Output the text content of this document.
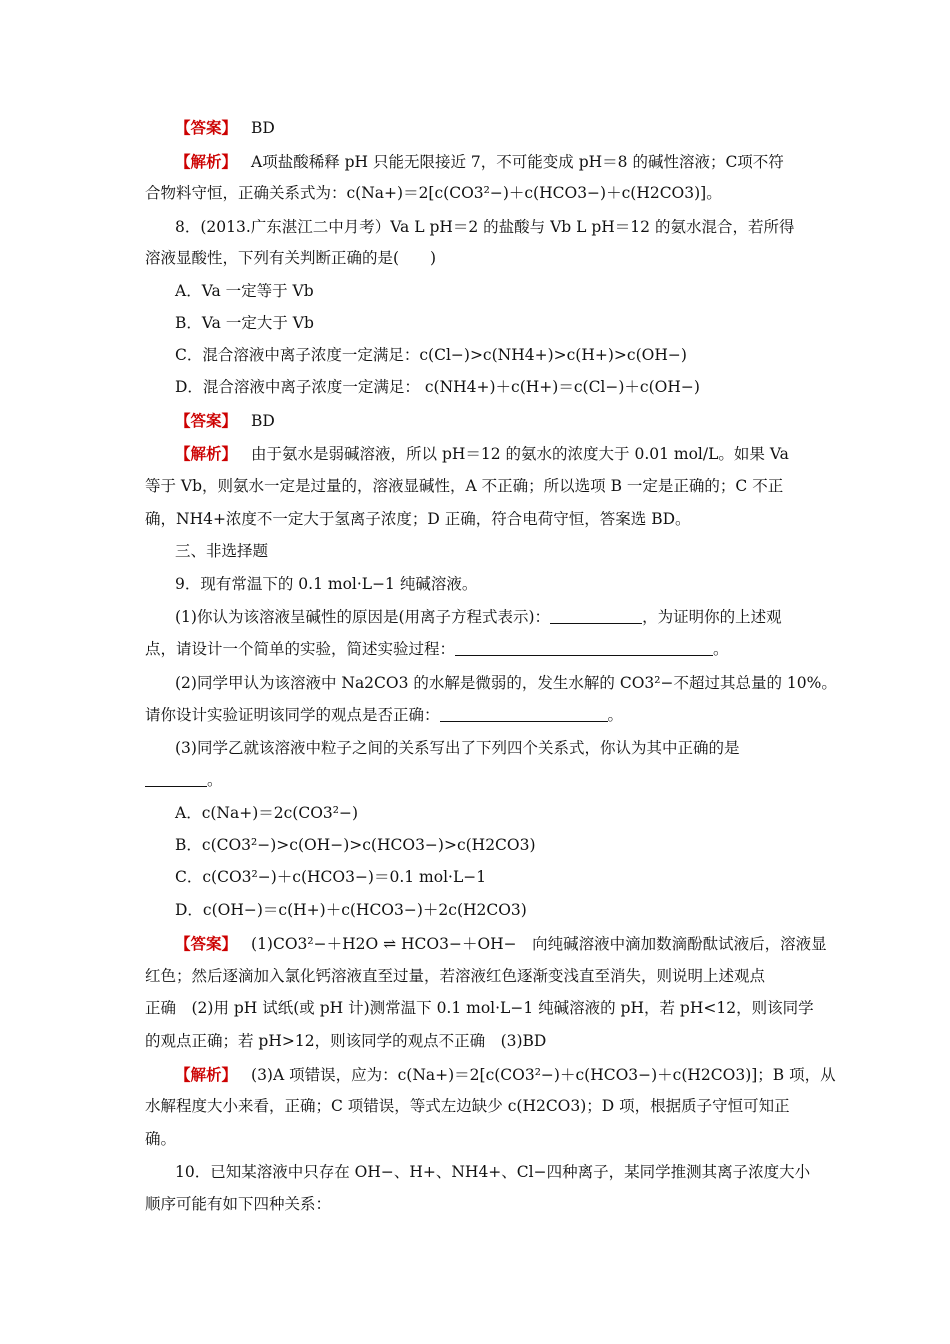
【答案】 BD
【解析】 A项盐酸稀释 pH 只能无限接近 7，不可能变成 pH＝8 的碱性溶液；C项不符
合物料守恒，正确关系式为：c(Na+)＝2[c(CO3²−)＋c(HCO3−)＋c(H2CO3)]。
8．(2013.广东湛江二中月考）Va L pH＝2 的盐酸与 Vb L pH＝12 的氨水混合，若所得
溶液显酸性，下列有关判断正确的是(　　)
A．Va 一定等于 Vb
B．Va 一定大于 Vb
C．混合溶液中离子浓度一定满足：c(Cl−)>c(NH4+)>c(H+)>c(OH−)
D．混合溶液中离子浓度一定满足： c(NH4+)＋c(H+)＝c(Cl−)＋c(OH−)
【答案】 BD
【解析】 由于氨水是弱碱溶液，所以 pH＝12 的氨水的浓度大于 0.01 mol/L。如果 Va
等于 Vb，则氨水一定是过量的，溶液显碱性，A 不正确；所以选项 B 一定是正确的；C 不正
确，NH4+浓度不一定大于氢离子浓度；D 正确，符合电荷守恒，答案选 BD。
三、非选择题
9．现有常温下的 0.1 mol·L−1 纯碱溶液。
(1)你认为该溶液呈碱性的原因是(用离子方程式表示)：	，为证明你的上述观
点，请设计一个简单的实验，简述实验过程：	。
(2)同学甲认为该溶液中 Na2CO3 的水解是微弱的，发生水解的 CO3²−不超过其总量的 10%。
请你设计实验证明该同学的观点是否正确：	。
(3)同学乙就该溶液中粒子之间的关系写出了下列四个关系式，你认为其中正确的是
。
A．c(Na+)＝2c(CO3²−)
B．c(CO3²−)>c(OH−)>c(HCO3−)>c(H2CO3)
C．c(CO3²−)＋c(HCO3−)＝0.1 mol·L−1
D．c(OH−)＝c(H+)＋c(HCO3−)＋2c(H2CO3)
【答案】 (1)CO3²−＋H2O ⇌ HCO3−＋OH−　向纯碱溶液中滴加数滴酚酞试液后，溶液显
红色；然后逐滴加入氯化钙溶液直至过量，若溶液红色逐渐变浅直至消失，则说明上述观点
正确　(2)用 pH 试纸(或 pH 计)测常温下 0.1 mol·L−1 纯碱溶液的 pH，若 pH<12，则该同学
的观点正确；若 pH>12，则该同学的观点不正确　(3)BD
【解析】 (3)A 项错误，应为：c(Na+)＝2[c(CO3²−)＋c(HCO3−)＋c(H2CO3)]；B 项，从
水解程度大小来看，正确；C 项错误，等式左边缺少 c(H2CO3)；D 项，根据质子守恒可知正
确。
10．已知某溶液中只存在 OH−、H+、NH4+、Cl−四种离子，某同学推测其离子浓度大小
顺序可能有如下四种关系：
